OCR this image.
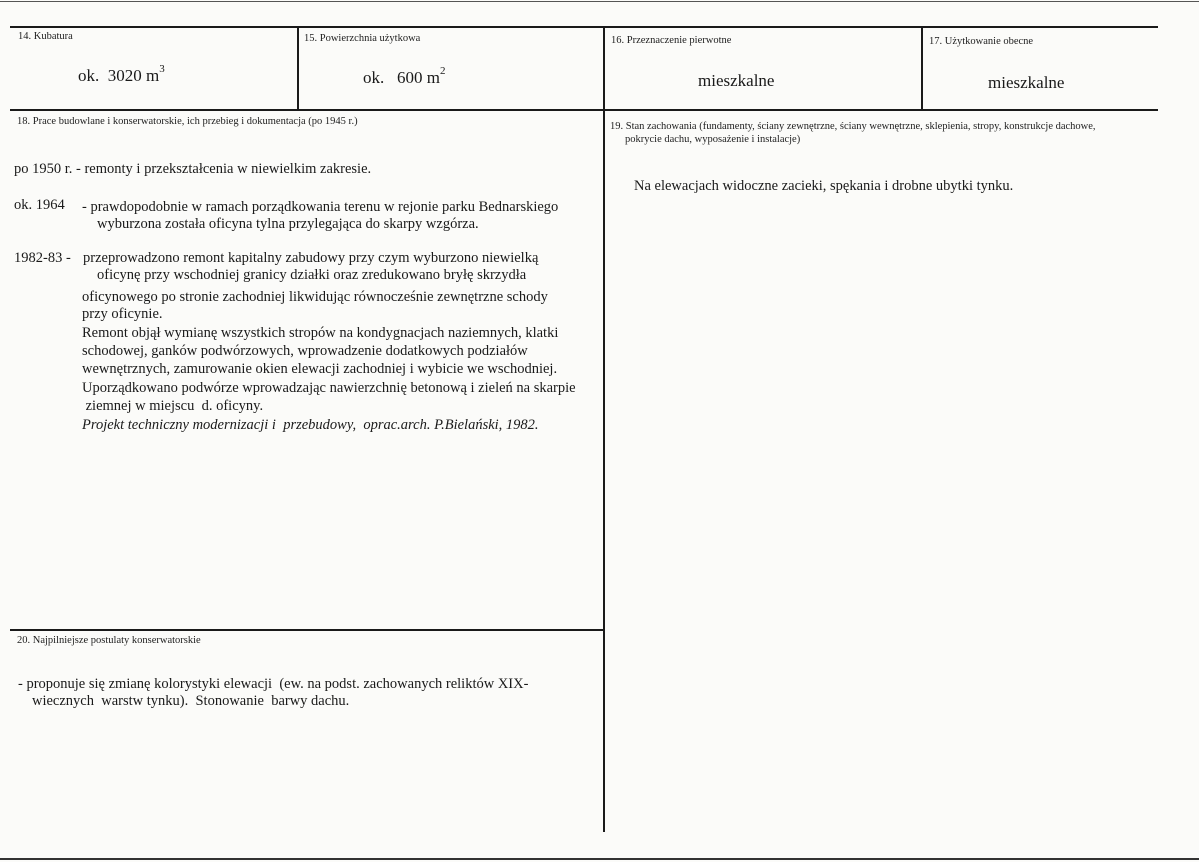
14. Kubatura
ok.  3020 $m^3$
15. Powierzchnia użytkowa
ok.   600 $m^2$
16. Przeznaczenie pierwotne
mieszkalne
17. Użytkowanie obecne
mieszkalne
18. Prace budowlane i konserwatorskie, ich przebieg i dokumentacja (po 1945 r.)
po 1950 r. - remonty i przekształcenia w niewielkim zakresie.
ok. 1964 - prawdopodobnie w ramach porządkowania terenu w rejonie parku Bednarskiego
wyburzona została oficyna tylna przylegająca do skarpy wzgórza.
1982-83 - przeprowadzono remont kapitalny zabudowy przy czym wyburzono niewielką
oficynę przy wschodniej granicy działki oraz zredukowano bryłę skrzydła
oficynowego po stronie zachodniej likwidując równocześnie zewnętrzne schody
przy oficynie.
Remont objął wymianę wszystkich stropów na kondygnacjach naziemnych, klatki
schodowej, ganków podwórzowych, wprowadzenie dodatkowych podziałów
wewnętrznych, zamurowanie okien elewacji zachodniej i wybicie we wschodniej.
Uporządkowano podwórze wprowadzając nawierzchnię betonową i zieleń na skarpie
ziemnej w miejscu  d. oficyny.
Projekt techniczny modernizacji i  przebudowy,  oprac.arch. P.Bielański, 1982.
19. Stan zachowania (fundamenty, ściany zewnętrzne, ściany wewnętrzne, sklepienia, stropy, konstrukcje dachowe,
pokrycie dachu, wyposażenie i instalacje)
Na elewacjach widoczne zacieki, spękania i drobne ubytki tynku.
20. Najpilniejsze postulaty konserwatorskie
- proponuje się zmianę kolorystyki elewacji  (ew. na podst. zachowanych reliktów XIX-
wiecznych  warstw tynku).  Stonowanie  barwy dachu.
